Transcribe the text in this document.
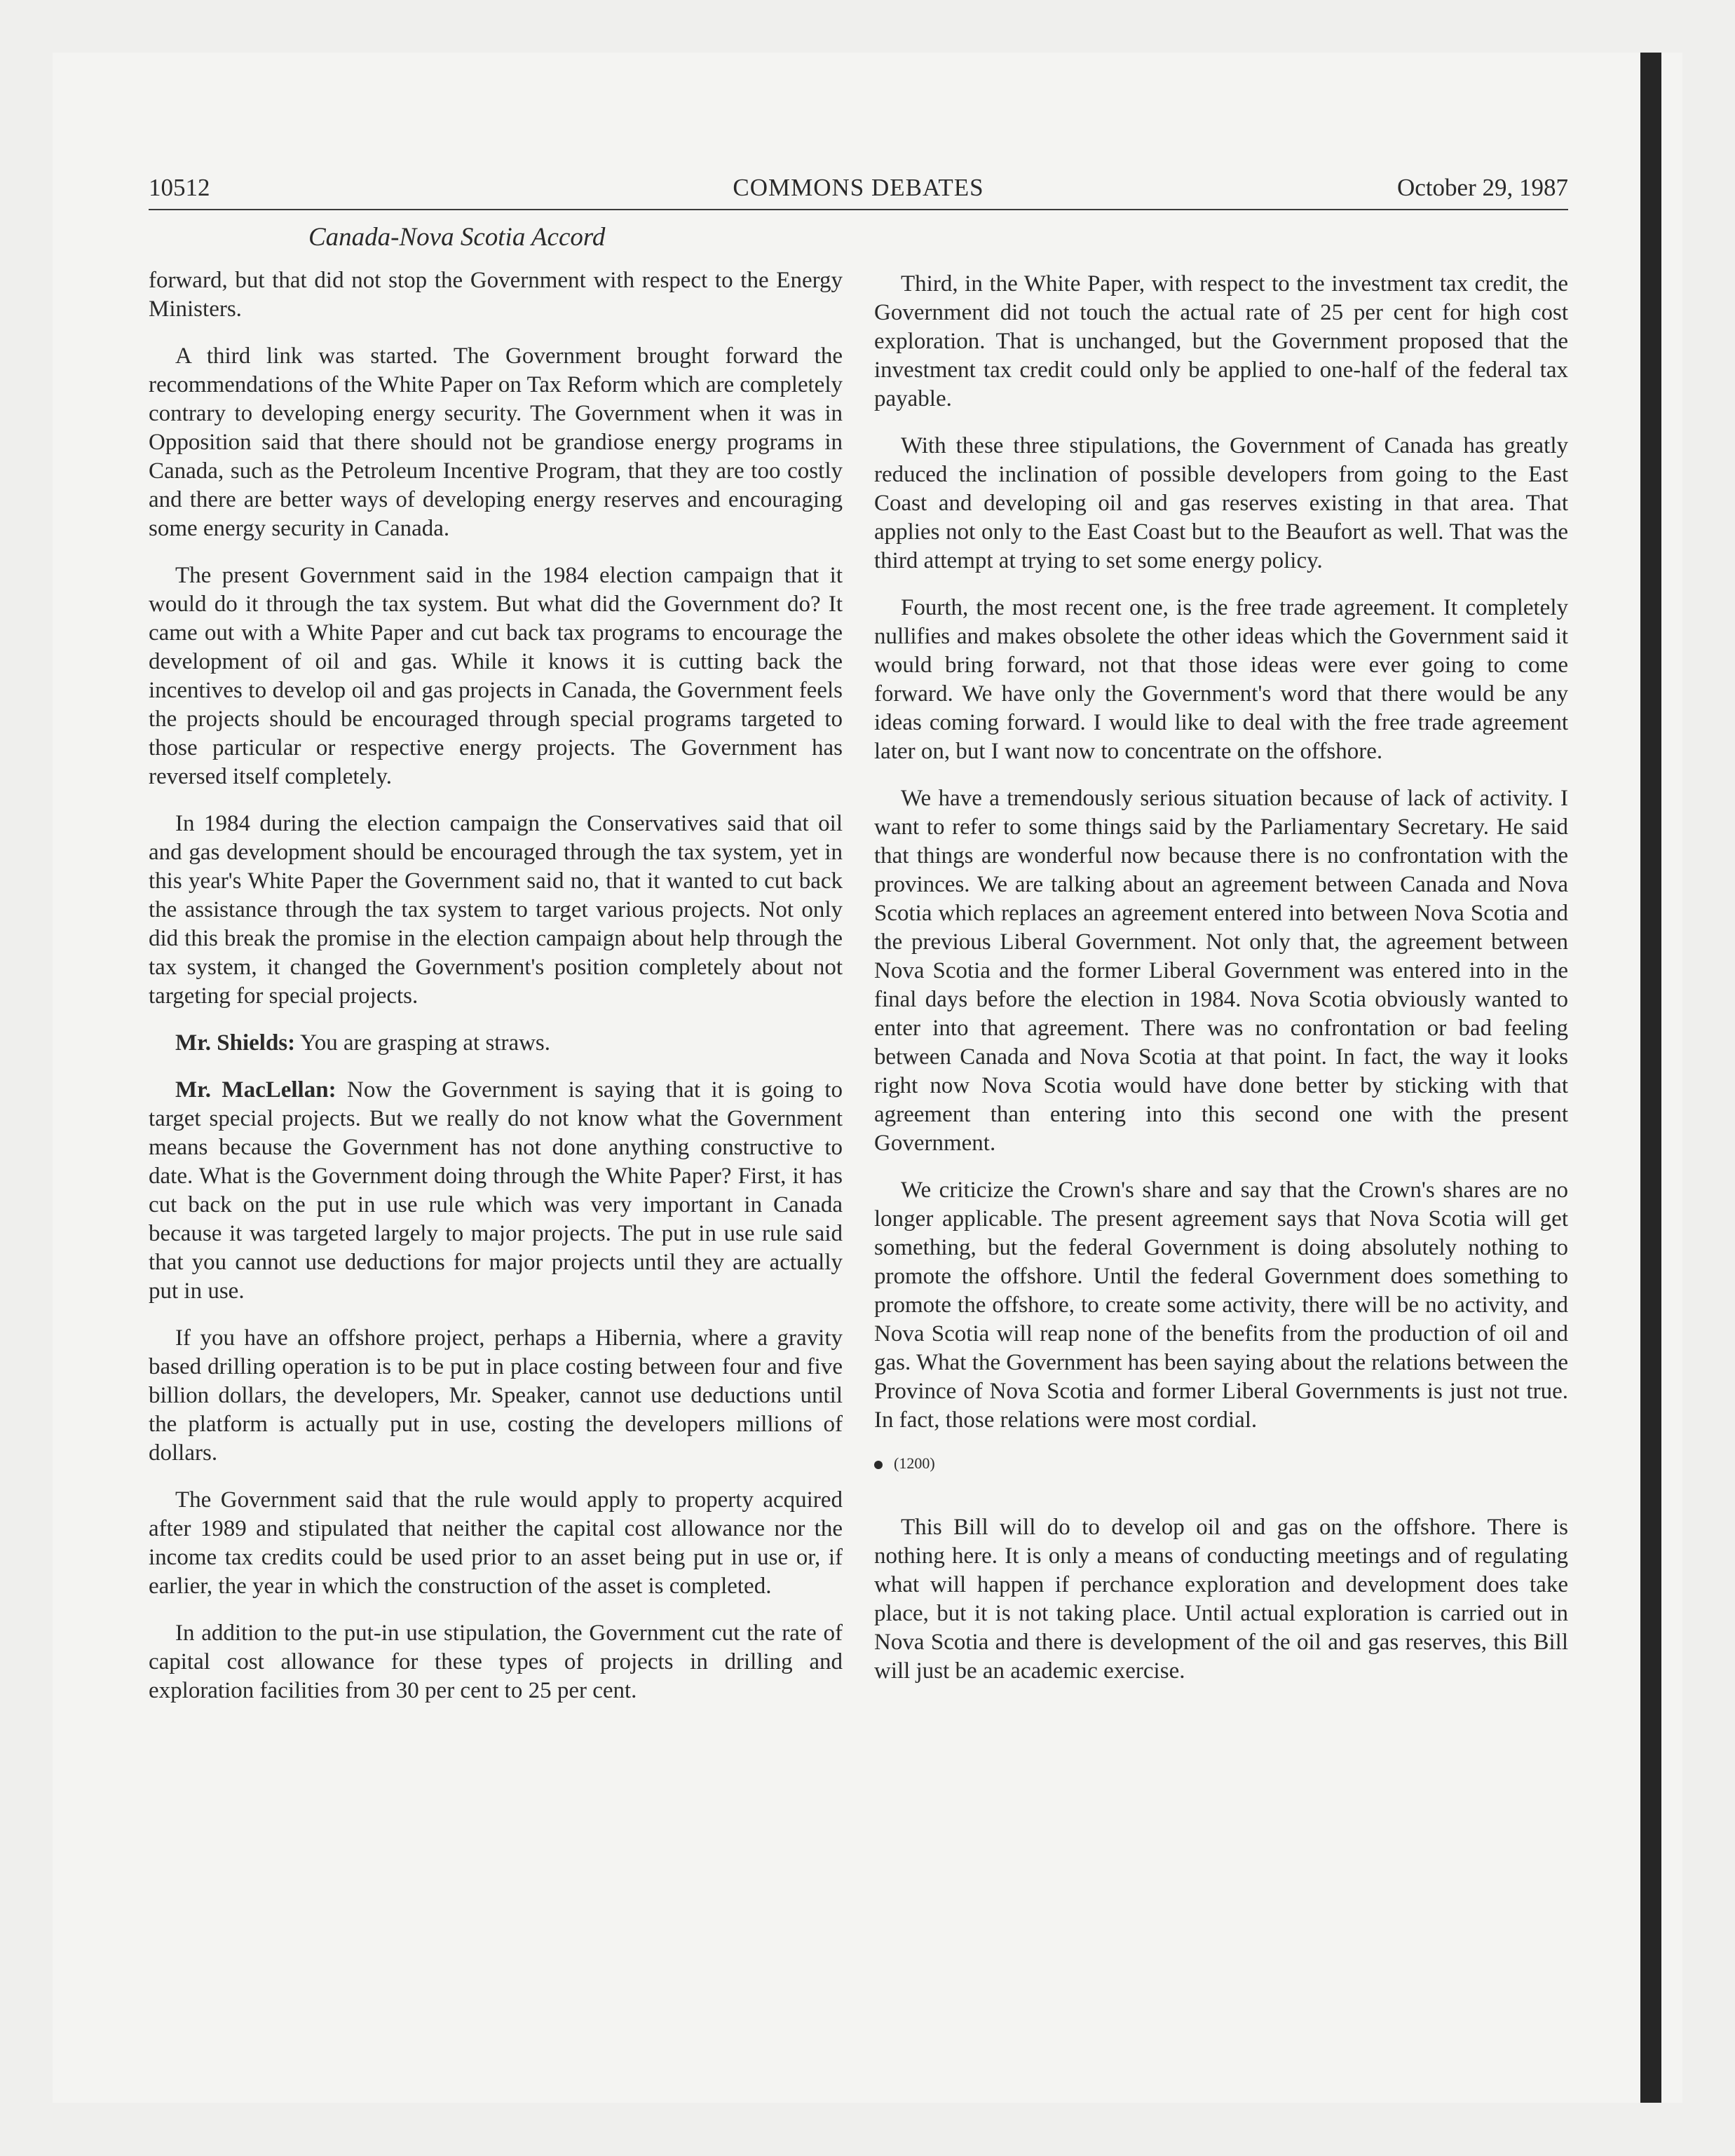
10512	COMMONS DEBATES	October 29, 1987
Canada-Nova Scotia Accord

forward, but that did not stop the Government with respect to the Energy Ministers.

A third link was started. The Government brought forward the recommendations of the White Paper on Tax Reform which are completely contrary to developing energy security. The Government when it was in Opposition said that there should not be grandiose energy programs in Canada, such as the Petroleum Incentive Program, that they are too costly and there are better ways of developing energy reserves and encouraging some energy security in Canada.

The present Government said in the 1984 election campaign that it would do it through the tax system. But what did the Government do? It came out with a White Paper and cut back tax programs to encourage the development of oil and gas. While it knows it is cutting back the incentives to develop oil and gas projects in Canada, the Government feels the projects should be encouraged through special programs targeted to those particular or respective energy projects. The Government has reversed itself completely.

In 1984 during the election campaign the Conservatives said that oil and gas development should be encouraged through the tax system, yet in this year's White Paper the Government said no, that it wanted to cut back the assistance through the tax system to target various projects. Not only did this break the promise in the election campaign about help through the tax system, it changed the Government's position completely about not targeting for special projects.

Mr. Shields: You are grasping at straws.

Mr. MacLellan: Now the Government is saying that it is going to target special projects. But we really do not know what the Government means because the Government has not done anything constructive to date. What is the Government doing through the White Paper? First, it has cut back on the put in use rule which was very important in Canada because it was targeted largely to major projects. The put in use rule said that you cannot use deductions for major projects until they are actually put in use.

If you have an offshore project, perhaps a Hibernia, where a gravity based drilling operation is to be put in place costing between four and five billion dollars, the developers, Mr. Speaker, cannot use deductions until the platform is actually put in use, costing the developers millions of dollars.

The Government said that the rule would apply to property acquired after 1989 and stipulated that neither the capital cost allowance nor the income tax credits could be used prior to an asset being put in use or, if earlier, the year in which the construction of the asset is completed.

In addition to the put-in use stipulation, the Government cut the rate of capital cost allowance for these types of projects in drilling and exploration facilities from 30 per cent to 25 per cent.

Third, in the White Paper, with respect to the investment tax credit, the Government did not touch the actual rate of 25 per cent for high cost exploration. That is unchanged, but the Government proposed that the investment tax credit could only be applied to one-half of the federal tax payable.

With these three stipulations, the Government of Canada has greatly reduced the inclination of possible developers from going to the East Coast and developing oil and gas reserves existing in that area. That applies not only to the East Coast but to the Beaufort as well. That was the third attempt at trying to set some energy policy.

Fourth, the most recent one, is the free trade agreement. It completely nullifies and makes obsolete the other ideas which the Government said it would bring forward, not that those ideas were ever going to come forward. We have only the Government's word that there would be any ideas coming forward. I would like to deal with the free trade agreement later on, but I want now to concentrate on the offshore.

We have a tremendously serious situation because of lack of activity. I want to refer to some things said by the Parliamentary Secretary. He said that things are wonderful now because there is no confrontation with the provinces. We are talking about an agreement between Canada and Nova Scotia which replaces an agreement entered into between Nova Scotia and the previous Liberal Government. Not only that, the agreement between Nova Scotia and the former Liberal Government was entered into in the final days before the election in 1984. Nova Scotia obviously wanted to enter into that agreement. There was no confrontation or bad feeling between Canada and Nova Scotia at that point. In fact, the way it looks right now Nova Scotia would have done better by sticking with that agreement than entering into this second one with the present Government.

We criticize the Crown's share and say that the Crown's shares are no longer applicable. The present agreement says that Nova Scotia will get something, but the federal Government is doing absolutely nothing to promote the offshore. Until the federal Government does something to promote the offshore, to create some activity, there will be no activity, and Nova Scotia will reap none of the benefits from the production of oil and gas. What the Government has been saying about the relations between the Province of Nova Scotia and former Liberal Governments is just not true. In fact, those relations were most cordial.

(1200)

This Bill will do to develop oil and gas on the offshore. There is nothing here. It is only a means of conducting meetings and of regulating what will happen if perchance exploration and development does take place, but it is not taking place. Until actual exploration is carried out in Nova Scotia and there is development of the oil and gas reserves, this Bill will just be an academic exercise.
